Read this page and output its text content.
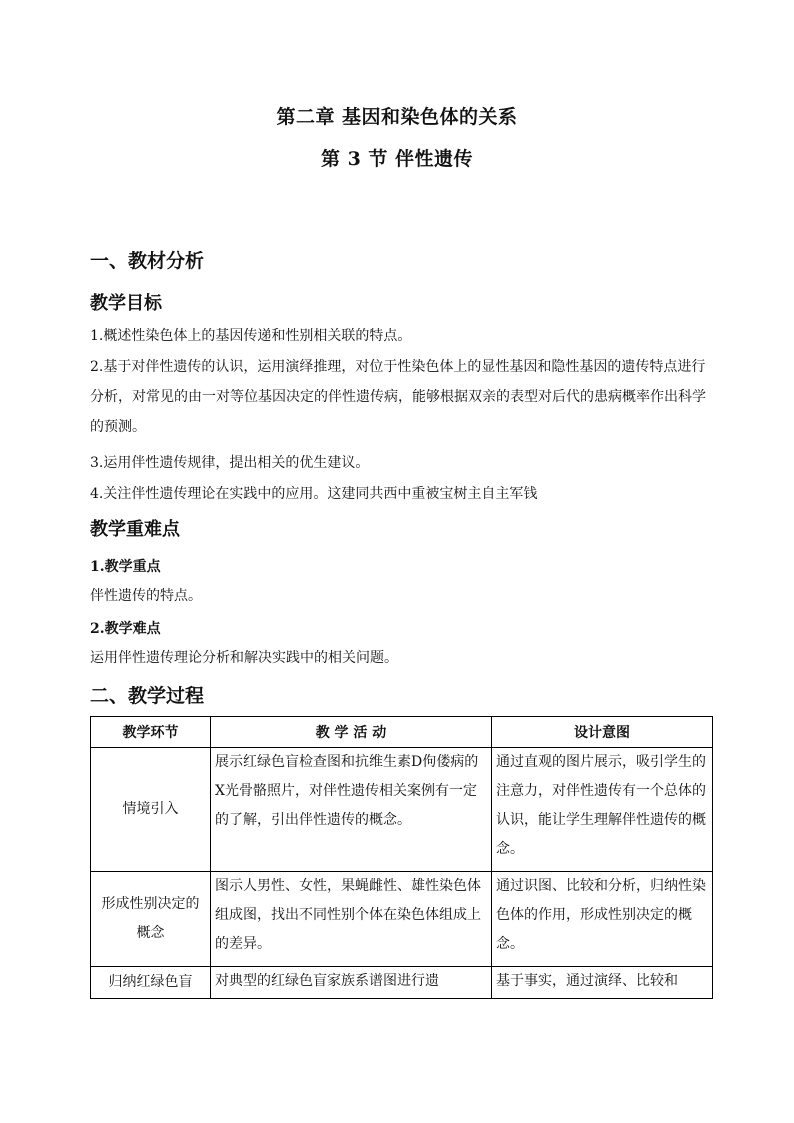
第二章 基因和染色体的关系
第 3 节 伴性遗传
一、教材分析
教学目标
1.概述性染色体上的基因传递和性别相关联的特点。
2.基于对伴性遗传的认识，运用演绎推理，对位于性染色体上的显性基因和隐性基因的遗传特点进行分析，对常见的由一对等位基因决定的伴性遗传病，能够根据双亲的表型对后代的患病概率作出科学的预测。
3.运用伴性遗传规律，提出相关的优生建议。
4.关注伴性遗传理论在实践中的应用。这建同共西中重被宝树主自主军钱
教学重难点
1.教学重点
伴性遗传的特点。
2.教学难点
运用伴性遗传理论分析和解决实践中的相关问题。
二、教学过程
教学环节	教 学 活 动	设计意图
情境引入	展示红绿色盲检查图和抗维生素D佝偻病的X光骨骼照片，对伴性遗传相关案例有一定的了解，引出伴性遗传的概念。	通过直观的图片展示，吸引学生的注意力，对伴性遗传有一个总体的认识，能让学生理解伴性遗传的概念。
形成性别决定的概念	图示人男性、女性，果蝇雌性、雄性染色体组成图，找出不同性别个体在染色体组成上的差异。	通过识图、比较和分析，归纳性染色体的作用，形成性别决定的概念。
归纳红绿色盲	对典型的红绿色盲家族系谱图进行遗	基于事实，通过演绎、比较和
